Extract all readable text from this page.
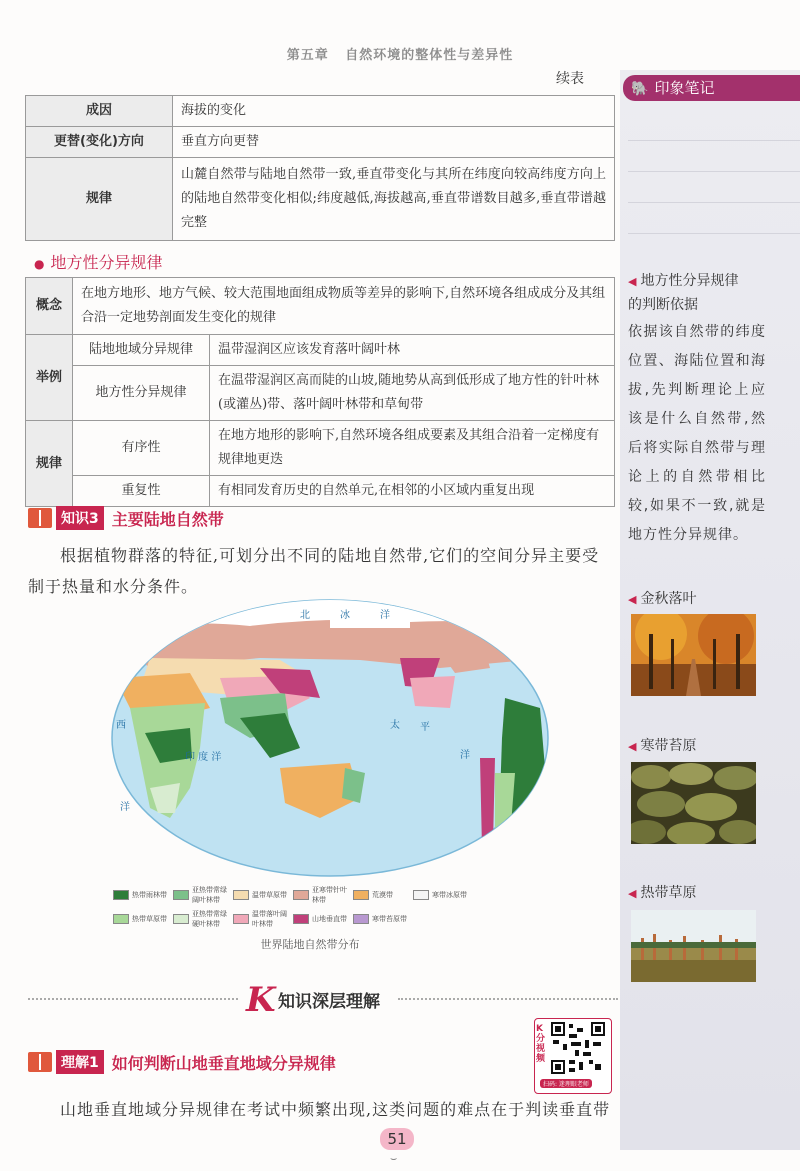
第五章 自然环境的整体性与差异性
🐘 印象笔记
◀ 地方性分异规律
的判断依据
依据该自然带的纬度位置、海陆位置和海拔,先判断理论上应该是什么自然带,然后将实际自然带与理论上的自然带相比较,如果不一致,就是地方性分异规律。
◀ 金秋落叶
◀ 寒带苔原
◀ 热带草原
续表
成因	海拔的变化
更替(变化)方向	垂直方向更替
规律	山麓自然带与陆地自然带一致,垂直带变化与其所在纬度向较高纬度方向上的陆地自然带变化相似;纬度越低,海拔越高,垂直带谱数目越多,垂直带谱越完整
● 地方性分异规律
概念	在地方地形、地方气候、较大范围地面组成物质等差异的影响下,自然环境各组成成分及其组合沿一定地势剖面发生变化的规律	
举例	陆地地域分异规律	温带湿润区应该发育落叶阔叶林
	地方性分异规律	在温带湿润区高而陡的山坡,随地势从高到低形成了地方性的针叶林(或灌丛)带、落叶阔叶林带和草甸带
规律	有序性	在地方地形的影响下,自然环境各组成要素及其组合沿着一定梯度有规律地更迭
	重复性	有相同发育历史的自然单元,在相邻的小区域内重复出现
知识3 主要陆地自然带
根据植物群落的特征,可划分出不同的陆地自然带,它们的空间分异主要受制于热量和水分条件。
北	冰	洋
西	太 平
洋
印 度 洋
洋
热带雨林带
亚热带常绿阔叶林带
温带草原带
亚寒带针叶林带
荒漠带	寒带冰原带
热带草原带
亚热带常绿硬叶林带
温带落叶阔叶林带
山地垂直带	寒带苔原带
世界陆地自然带分布
K 知识深层理解
K分视频
扫码: 迷理眼老师
理解1 如何判断山地垂直地域分异规律
山地垂直地域分异规律在考试中频繁出现,这类问题的难点在于判读垂直带
51
⌣
